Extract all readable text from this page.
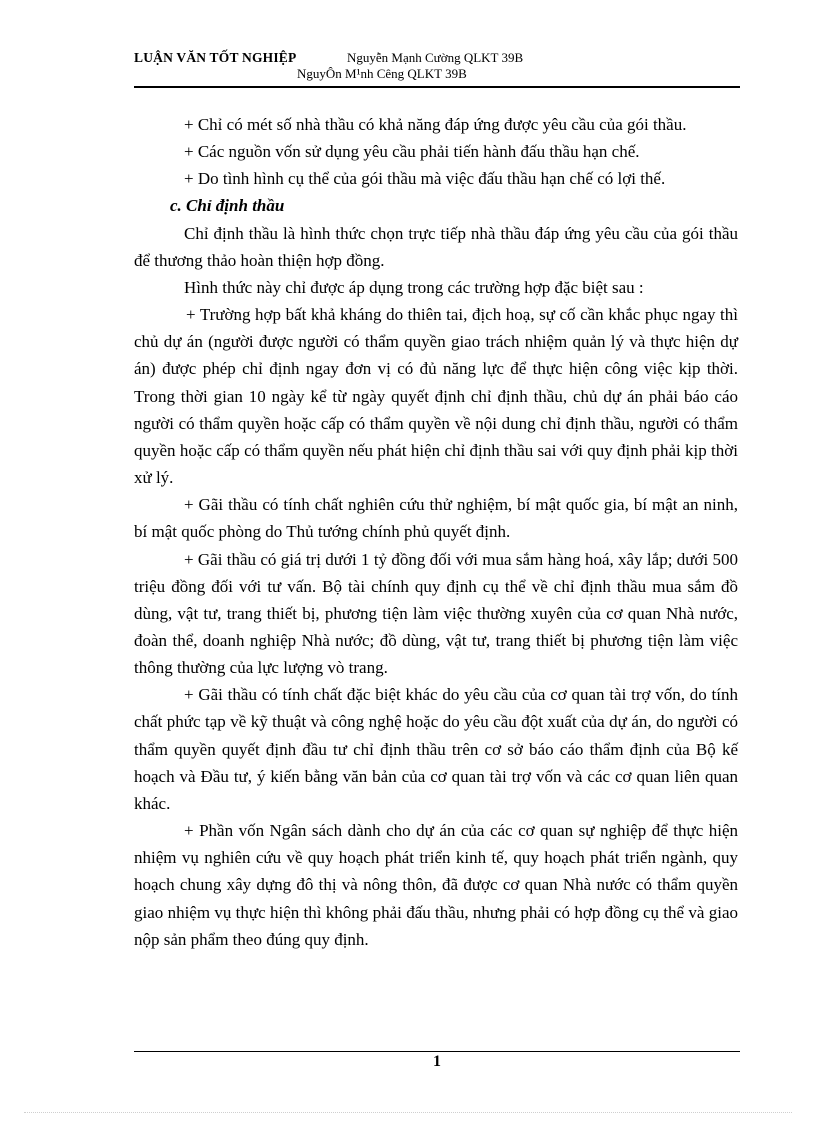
LUẬN VĂN TỐT NGHIỆP	Nguyễn Mạnh Cường QLKT 39B
NguyÔn M¹nh Cêng QLKT 39B

+ Chỉ có mét số nhà thầu có khả năng đáp ứng được yêu cầu của gói thầu.

+ Các nguồn vốn sử dụng yêu cầu phải tiến hành đấu thầu hạn chế.

+ Do tình hình cụ thể của gói thầu mà việc đấu thầu hạn chế có lợi thế.

c. Chỉ định thầu

Chỉ định thầu là hình thức chọn trực tiếp nhà thầu đáp ứng yêu cầu của gói thầu để thương thảo hoàn thiện hợp đồng.

Hình thức này chỉ được áp dụng trong các trường hợp đặc biệt sau :

+ Trường hợp bất khả kháng do thiên tai, địch hoạ, sự cố cần khắc phục ngay thì chủ dự án (người được người có thẩm quyền giao trách nhiệm quản lý và thực hiện dự án) được phép chỉ định ngay đơn vị có đủ năng lực để thực hiện công việc kịp thời. Trong thời gian 10 ngày kể từ ngày quyết định chỉ định thầu, chủ dự án phải báo cáo người có thẩm quyền hoặc cấp có thẩm quyền về nội dung chỉ định thầu, người có thẩm quyền hoặc cấp có thẩm quyền nếu phát hiện chỉ định thầu sai với quy định phải kịp thời xử lý.

+ Gãi thầu có tính chất nghiên cứu thử nghiệm, bí mật quốc gia, bí mật an ninh, bí mật quốc phòng do Thủ tướng chính phủ quyết định.

+ Gãi thầu có giá trị dưới 1 tỷ đồng đối với mua sắm hàng hoá, xây lắp; dưới 500 triệu đồng đối với tư vấn. Bộ tài chính quy định cụ thể về chỉ định thầu mua sắm đồ dùng, vật tư, trang thiết bị, phương tiện làm việc thường xuyên của cơ quan Nhà nước, đoàn thể, doanh nghiệp Nhà nước; đồ dùng, vật tư, trang thiết bị phương tiện làm việc thông thường của lực lượng vò trang.

+ Gãi thầu có tính chất đặc biệt khác do yêu cầu của cơ quan tài trợ vốn, do tính chất phức tạp về kỹ thuật và công nghệ hoặc do yêu cầu đột xuất của dự án, do người có thẩm quyền quyết định đầu tư chỉ định thầu trên cơ sở báo cáo thẩm định của Bộ kế hoạch và Đầu tư, ý kiến bằng văn bản của cơ quan tài trợ vốn và các cơ quan liên quan khác.

+ Phần vốn Ngân sách dành cho dự án của các cơ quan sự nghiệp để thực hiện nhiệm vụ nghiên cứu về quy hoạch phát triển kinh tế, quy hoạch phát triển ngành, quy hoạch chung xây dựng đô thị và nông thôn, đã được cơ quan Nhà nước có thẩm quyền giao nhiệm vụ thực hiện thì không phải đấu thầu, nhưng phải có hợp đồng cụ thể và giao nộp sản phẩm theo đúng quy định.

1
